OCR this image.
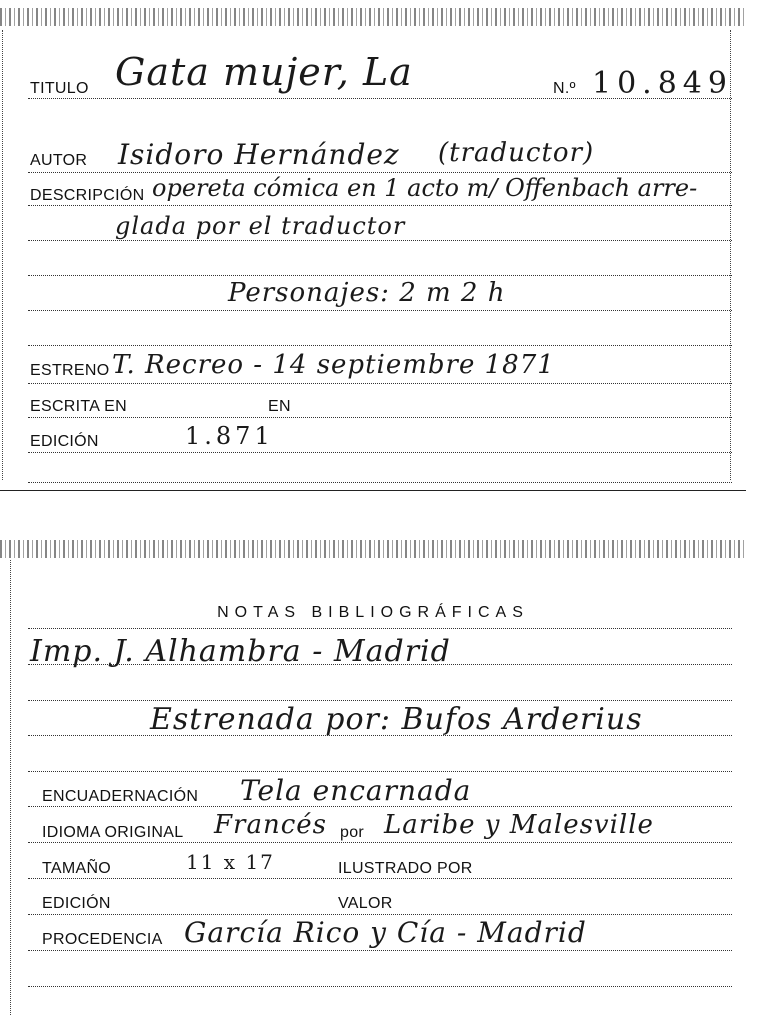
TITULO Gata mujer, La	N.º 10.849
AUTOR Isidoro Hernández (traductor)
DESCRIPCIÓN opereta cómica en 1 acto m/ Offenbach arre-
glada por el traductor
Personajes: 2 m 2 h
ESTRENO T. Recreo - 14 septiembre 1871
ESCRITA EN	EN
EDICIÓN	1.871
NOTAS BIBLIOGRÁFICAS
Imp. J. Alhambra - Madrid
Estrenada por: Bufos Arderius
ENCUADERNACIÓN Tela encarnada
IDIOMA ORIGINAL Francés por Laribe y Malesville
TAMAÑO	11 x 17	ILUSTRADO POR
EDICIÓN	VALOR
PROCEDENCIA García Rico y Cía - Madrid
